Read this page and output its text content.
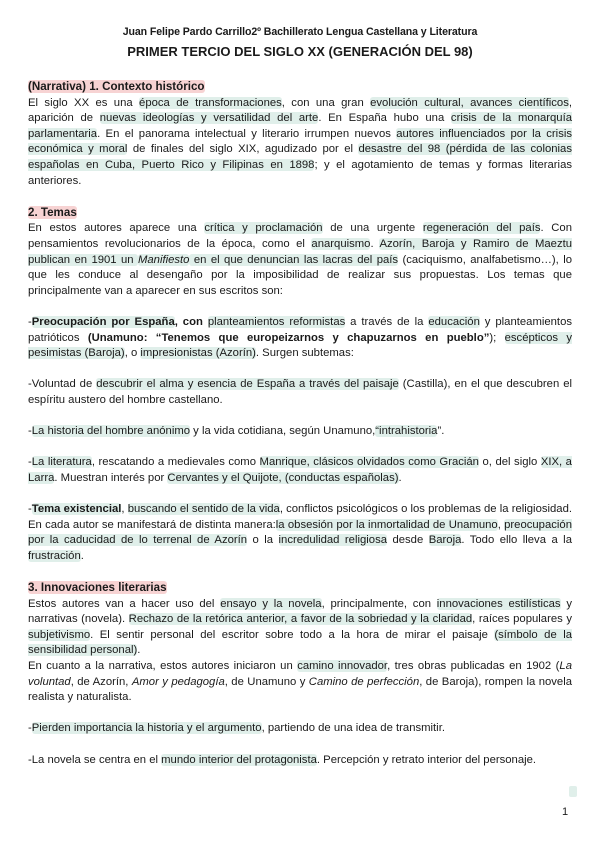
Juan Felipe Pardo Carrillo2º Bachillerato Lengua Castellana y Literatura
PRIMER TERCIO DEL SIGLO XX (GENERACIÓN DEL 98)

(Narrativa) 1. Contexto histórico

El siglo XX es una época de transformaciones, con una gran evolución cultural, avances científicos, aparición de nuevas ideologías y versatilidad del arte. En España hubo una crisis de la monarquía parlamentaria. En el panorama intelectual y literario irrumpen nuevos autores influenciados por la crisis económica y moral de finales del siglo XIX, agudizado por el desastre del 98 (pérdida de las colonias españolas en Cuba, Puerto Rico y Filipinas en 1898; y el agotamiento de temas y formas literarias anteriores.

2. Temas

En estos autores aparece una crítica y proclamación de una urgente regeneración del país. Con pensamientos revolucionarios de la época, como el anarquismo. Azorín, Baroja y Ramiro de Maeztu publican en 1901 un Manifiesto en el que denuncian las lacras del país (caciquismo, analfabetismo…), lo que les conduce al desengaño por la imposibilidad de realizar sus propuestas. Los temas que principalmente van a aparecer en sus escritos son:

-Preocupación por España, con planteamientos reformistas a través de la educación y planteamientos patrióticos (Unamuno: “Tenemos que europeizarnos y chapuzarnos en pueblo”); escépticos y pesimistas (Baroja), o impresionistas (Azorín). Surgen subtemas:

-Voluntad de descubrir el alma y esencia de España a través del paisaje (Castilla), en el que descubren el espíritu austero del hombre castellano.

-La historia del hombre anónimo y la vida cotidiana, según Unamuno,“intrahistoria”.

-La literatura, rescatando a medievales como Manrique, clásicos olvidados como Gracián o, del siglo XIX, a Larra. Muestran interés por Cervantes y el Quijote, (conductas españolas).

-Tema existencial, buscando el sentido de la vida, conflictos psicológicos o los problemas de la religiosidad. En cada autor se manifestará de distinta manera:la obsesión por la inmortalidad de Unamuno, preocupación por la caducidad de lo terrenal de Azorín o la incredulidad religiosa desde Baroja. Todo ello lleva a la frustración.

3. Innovaciones literarias

Estos autores van a hacer uso del ensayo y la novela, principalmente, con innovaciones estilísticas y narrativas (novela). Rechazo de la retórica anterior, a favor de la sobriedad y la claridad, raíces populares y subjetivismo. El sentir personal del escritor sobre todo a la hora de mirar el paisaje (símbolo de la sensibilidad personal).

En cuanto a la narrativa, estos autores iniciaron un camino innovador, tres obras publicadas en 1902 (La voluntad, de Azorín, Amor y pedagogía, de Unamuno y Camino de perfección, de Baroja), rompen la novela realista y naturalista.

-Pierden importancia la historia y el argumento, partiendo de una idea de transmitir.

-La novela se centra en el mundo interior del protagonista. Percepción y retrato interior del personaje.

1
